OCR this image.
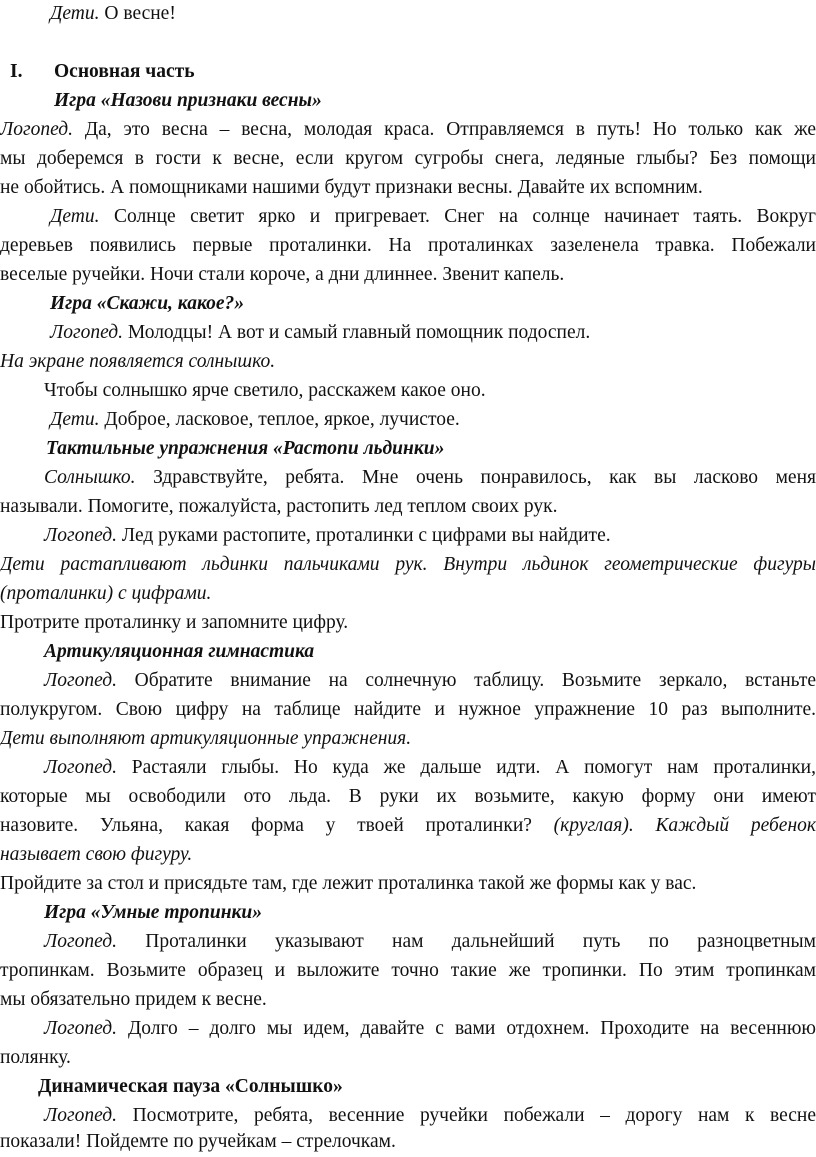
Дети. О весне!
I. Основная часть
Игра «Назови признаки весны»
Логопед. Да, это весна – весна, молодая краса. Отправляемся в путь! Но только как же
мы доберемся в гости к весне, если кругом сугробы снега, ледяные глыбы? Без помощи
не обойтись. А помощниками нашими будут признаки весны. Давайте их вспомним.
Дети. Солнце светит ярко и пригревает. Снег на солнце начинает таять. Вокруг
деревьев появились первые проталинки. На проталинках зазеленела травка. Побежали
веселые ручейки. Ночи стали короче, а дни длиннее. Звенит капель.
Игра «Скажи, какое?»
Логопед. Молодцы! А вот и самый главный помощник подоспел.
На экране появляется солнышко.
Чтобы солнышко ярче светило, расскажем какое оно.
Дети. Доброе, ласковое, теплое, яркое, лучистое.
Тактильные упражнения «Растопи льдинки»
Солнышко. Здравствуйте, ребята. Мне очень понравилось, как вы ласково меня
называли. Помогите, пожалуйста, растопить лед теплом своих рук.
Логопед. Лед руками растопите, проталинки с цифрами вы найдите.
Дети растапливают льдинки пальчиками рук. Внутри льдинок геометрические фигуры
(проталинки) с цифрами.
Протрите проталинку и запомните цифру.
Артикуляционная гимнастика
Логопед. Обратите внимание на солнечную таблицу. Возьмите зеркало, встаньте
полукругом. Свою цифру на таблице найдите и нужное упражнение 10 раз выполните.
Дети выполняют артикуляционные упражнения.
Логопед. Растаяли глыбы. Но куда же дальше идти. А помогут нам проталинки,
которые мы освободили ото льда. В руки их возьмите, какую форму они имеют
назовите. Ульяна, какая форма у твоей проталинки? (круглая). Каждый ребенок
называет свою фигуру.
Пройдите за стол и присядьте там, где лежит проталинка такой же формы как у вас.
Игра «Умные тропинки»
Логопед. Проталинки указывают нам дальнейший путь по разноцветным
тропинкам. Возьмите образец и выложите точно такие же тропинки. По этим тропинкам
мы обязательно придем к весне.
Логопед. Долго – долго мы идем, давайте с вами отдохнем. Проходите на весеннюю
полянку.
Динамическая пауза «Солнышко»
Логопед. Посмотрите, ребята, весенние ручейки побежали – дорогу нам к весне
показали! Пойдемте по ручейкам – стрелочкам.
